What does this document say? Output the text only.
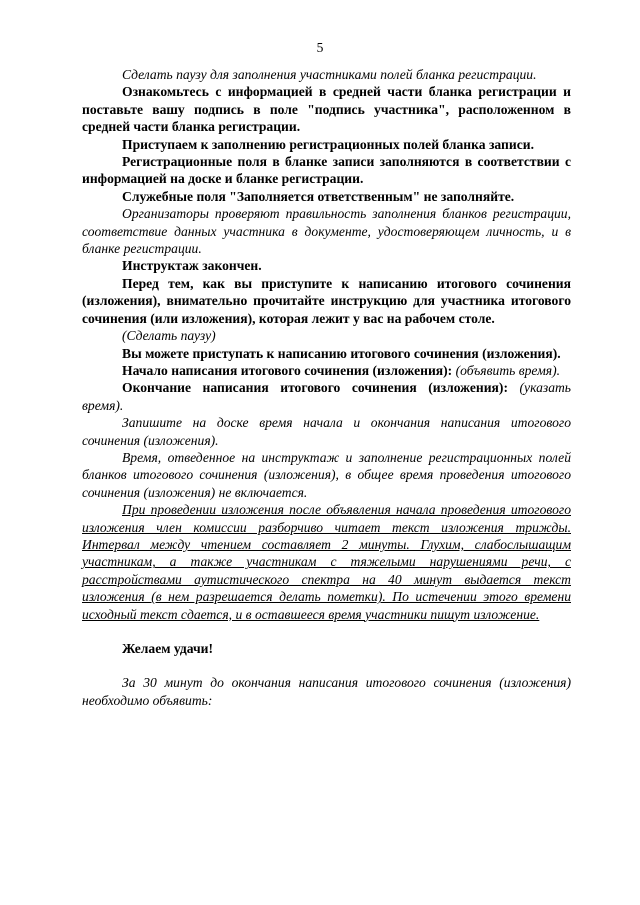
5

Сделать паузу для заполнения участниками полей бланка регистрации.

Ознакомьтесь с информацией в средней части бланка регистрации и поставьте вашу подпись в поле "подпись участника", расположенном в средней части бланка регистрации.

Приступаем к заполнению регистрационных полей бланка записи.

Регистрационные поля в бланке записи заполняются в соответствии с информацией на доске и бланке регистрации.

Служебные поля "Заполняется ответственным" не заполняйте.

Организаторы проверяют правильность заполнения бланков регистрации, соответствие данных участника в документе, удостоверяющем личность, и в бланке регистрации.

Инструктаж закончен.

Перед тем, как вы приступите к написанию итогового сочинения (изложения), внимательно прочитайте инструкцию для участника итогового сочинения (или изложения), которая лежит у вас на рабочем столе.

(Сделать паузу)

Вы можете приступать к написанию итогового сочинения (изложения).

Начало написания итогового сочинения (изложения): (объявить время).

Окончание написания итогового сочинения (изложения): (указать время).

Запишите на доске время начала и окончания написания итогового сочинения (изложения).

Время, отведенное на инструктаж и заполнение регистрационных полей бланков итогового сочинения (изложения), в общее время проведения итогового сочинения (изложения) не включается.

При проведении изложения после объявления начала проведения итогового изложения член комиссии разборчиво читает текст изложения трижды. Интервал между чтением составляет 2 минуты. Глухим, слабослышащим участникам, а также участникам с тяжелыми нарушениями речи, с расстройствами аутистического спектра на 40 минут выдается текст изложения (в нем разрешается делать пометки). По истечении этого времени исходный текст сдается, и в оставшееся время участники пишут изложение.

Желаем удачи!

За 30 минут до окончания написания итогового сочинения (изложения) необходимо объявить:
